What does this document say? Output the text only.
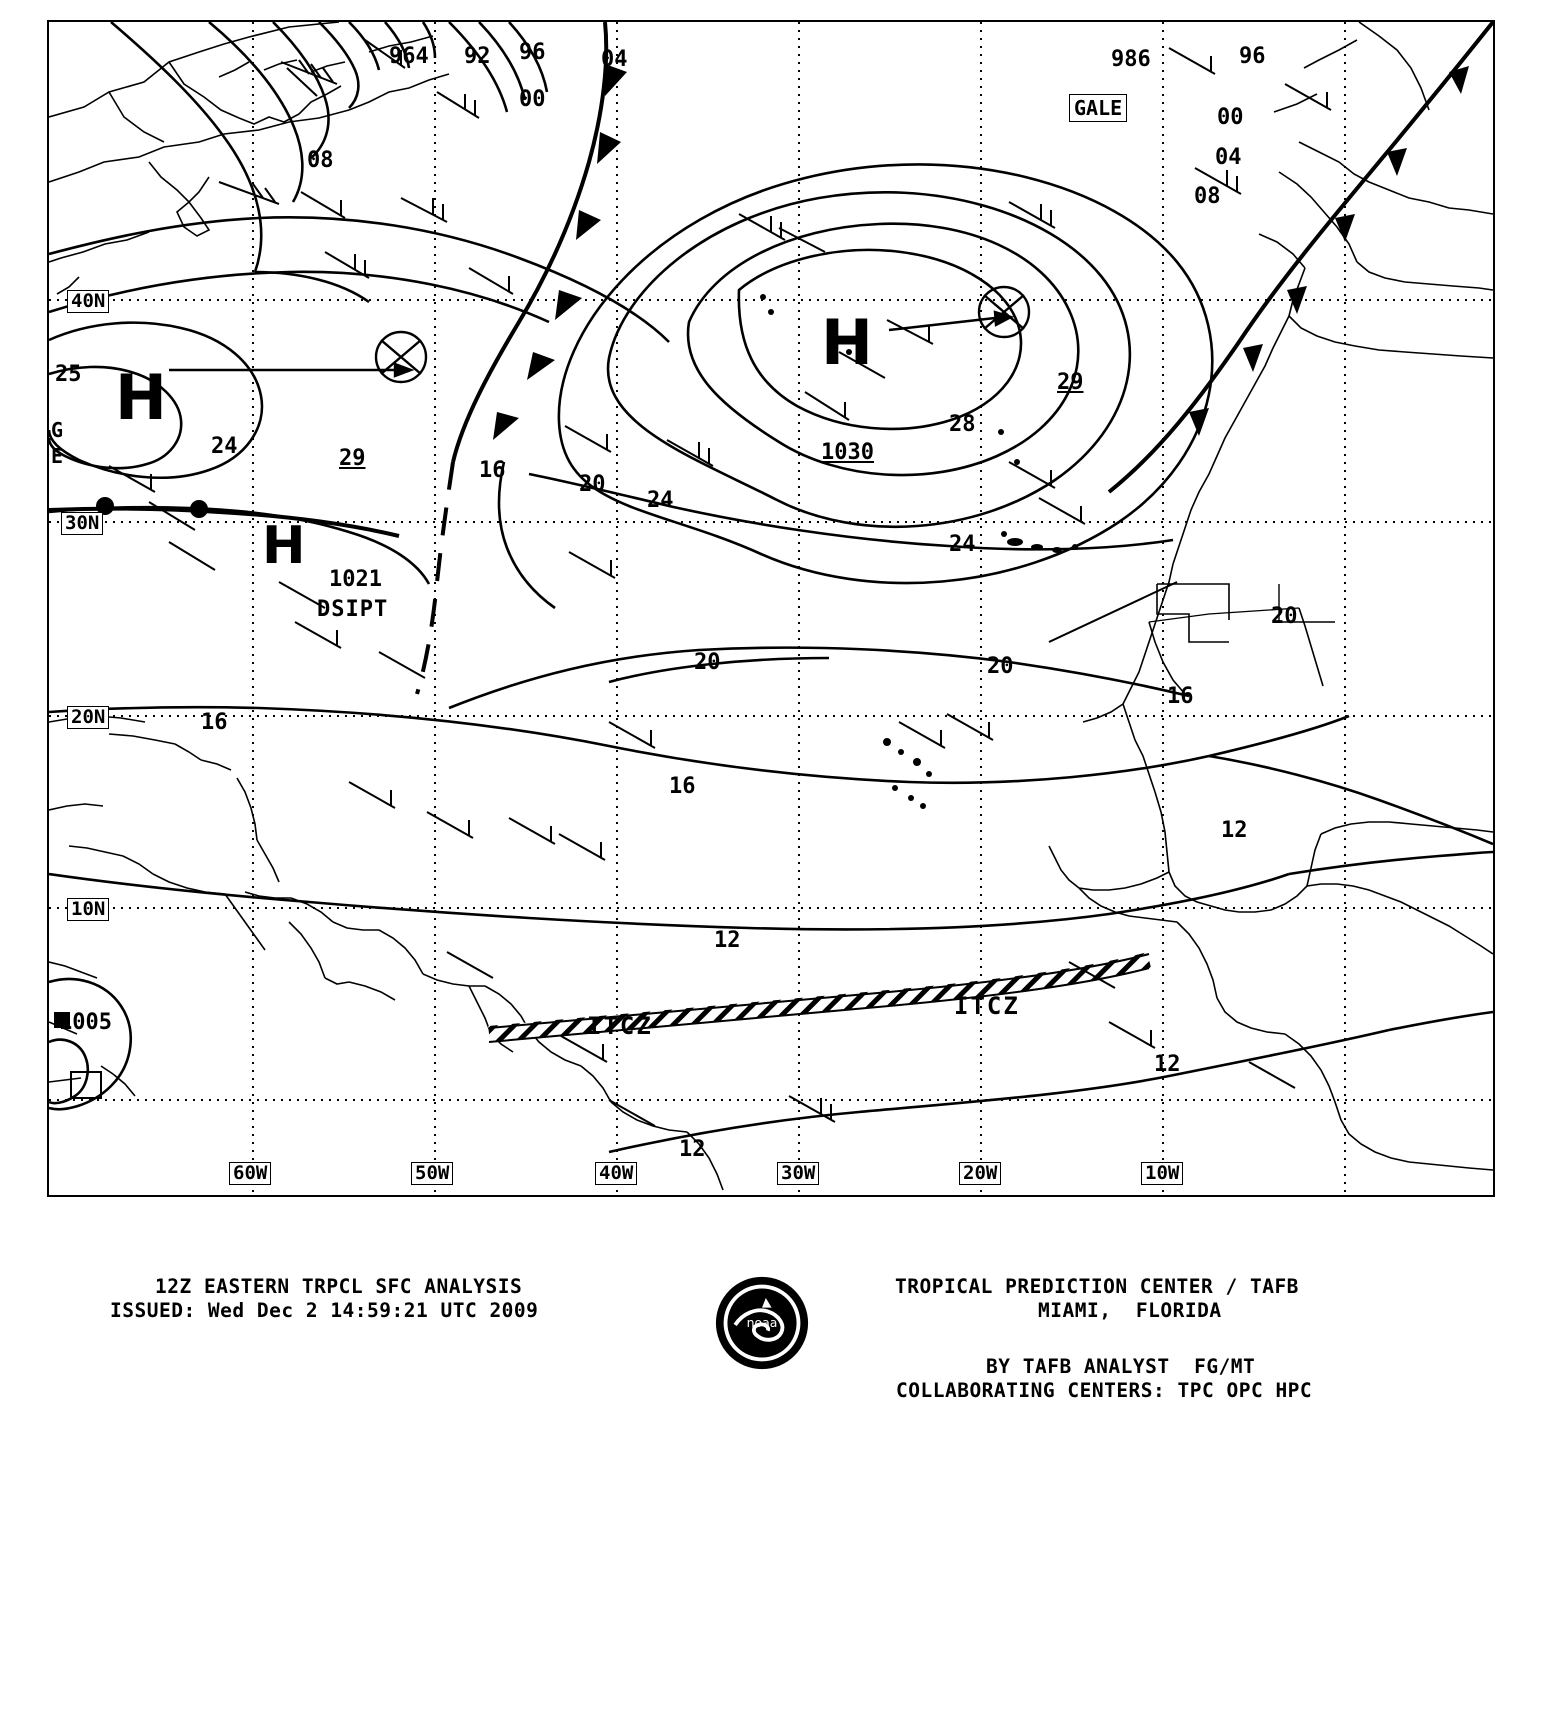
40N
30N
20N
10N
60W	50W	40W	30W	20W	10W
964 92 96	04
00
08
986	96
00
04
08
25
24	29	16
20
24
28
29
24
20
20	20
16
16
16
12
12
12
12
H
H
H
1030
1021
1005
DSIPT
GALE
ITCZ
ITCZ
G
E
12Z EASTERN TRPCL SFC ANALYSIS
ISSUED: Wed Dec 2 14:59:21 UTC 2009
TROPICAL PREDICTION CENTER / TAFB
MIAMI,  FLORIDA
BY TAFB ANALYST  FG/MT
COLLABORATING CENTERS: TPC OPC HPC
noaa
